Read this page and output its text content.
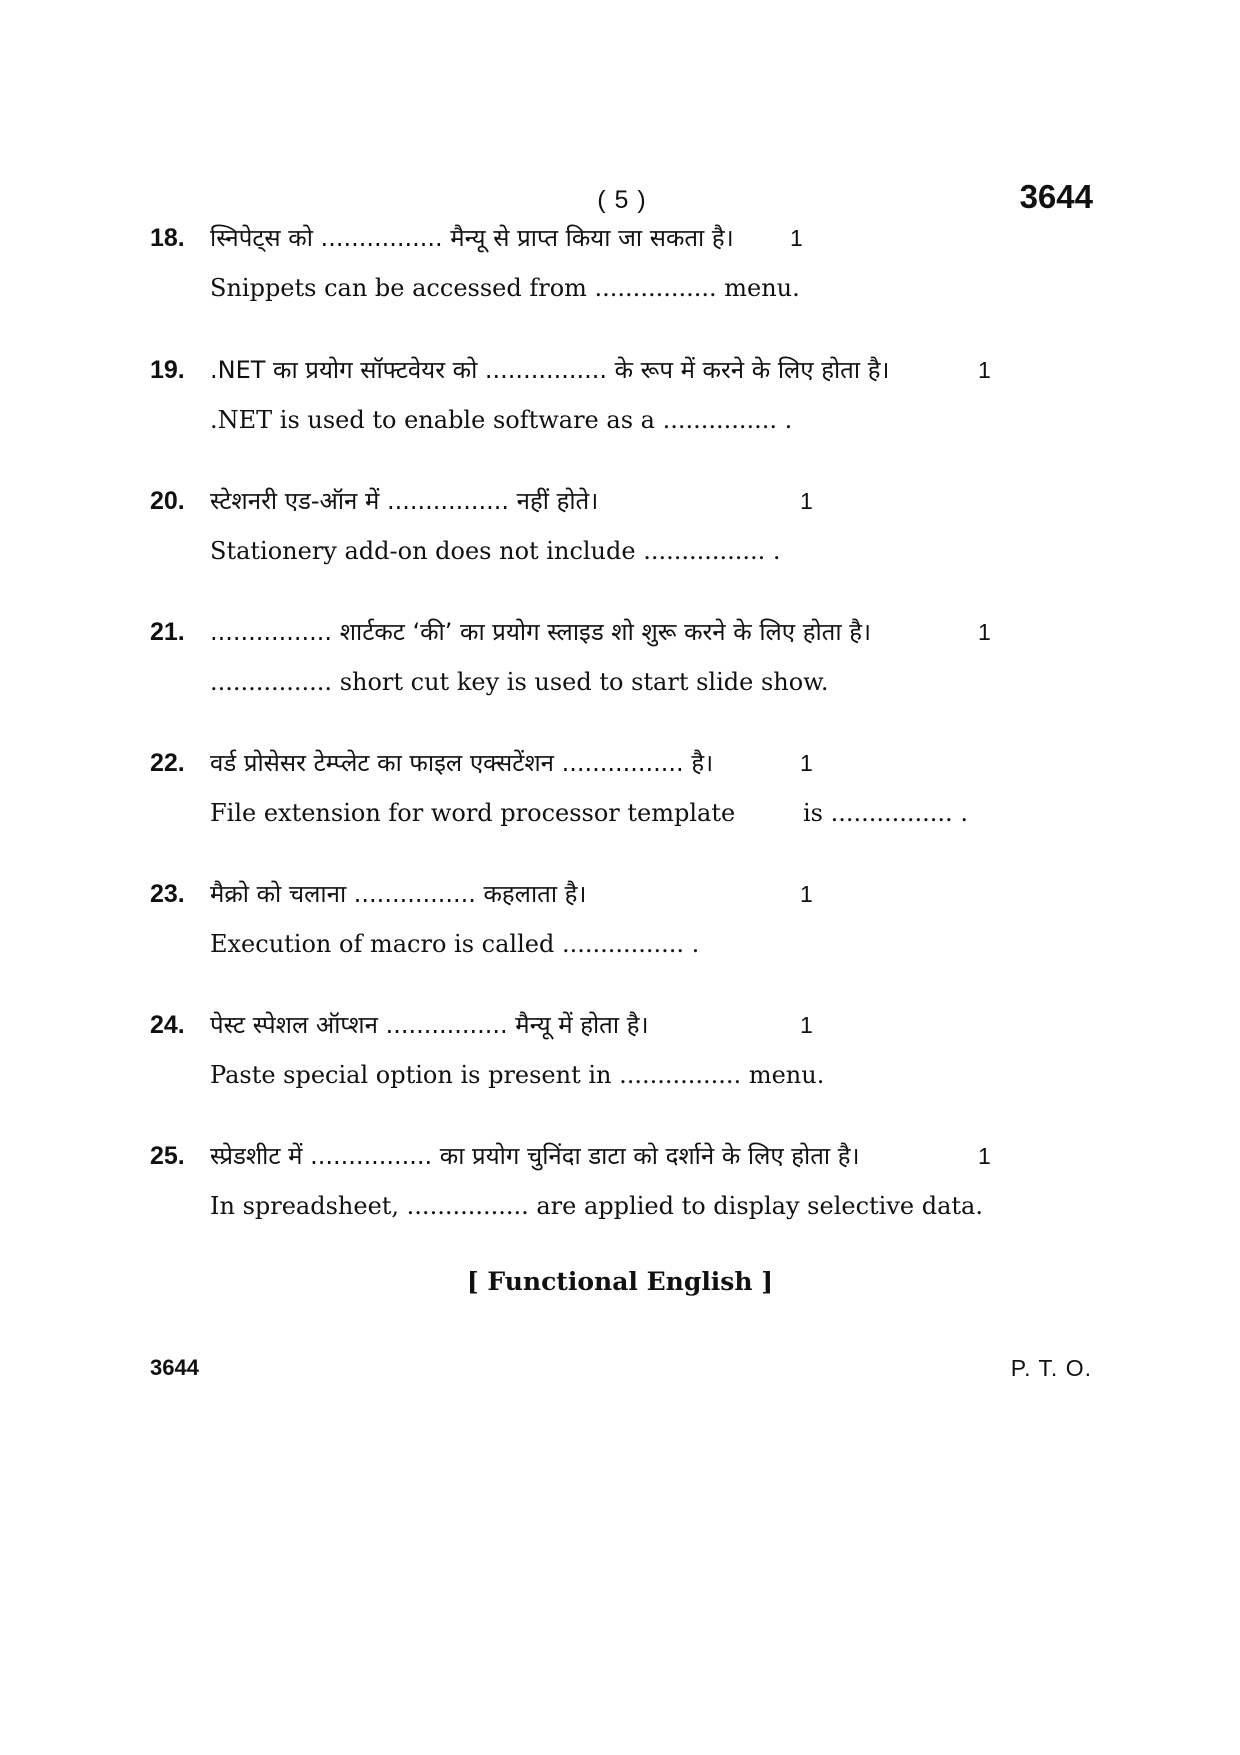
( 5 )	3644
18. स्निपेट्स को ................ मैन्यू से प्राप्त किया जा सकता है। 1
Snippets can be accessed from ................ menu.
19. .NET का प्रयोग सॉफ्टवेयर को ................ के रूप में करने के लिए होता है।	1
.NET is used to enable software as a ............... .
20. स्टेशनरी एड-ऑन में ................ नहीं होते।	1
Stationery add-on does not include ................ .
21. ................ शार्टकट ‘की’ का प्रयोग स्लाइड शो शुरू करने के लिए होता है।	1
................ short cut key is used to start slide show.
22. वर्ड प्रोसेसर टेम्प्लेट का फाइल एक्सटेंशन ................ है।	1
File extension for word processor template	is ................ .
23. मैक्रो को चलाना ................ कहलाता है।	1
Execution of macro is called ................ .
24. पेस्ट स्पेशल ऑप्शन ................ मैन्यू में होता है।	1
Paste special option is present in ................ menu.
25. स्प्रेडशीट में ................ का प्रयोग चुनिंदा डाटा को दर्शाने के लिए होता है।	1
In spreadsheet, ................ are applied to display selective data.
[ Functional English ]
3644	P. T. O.
